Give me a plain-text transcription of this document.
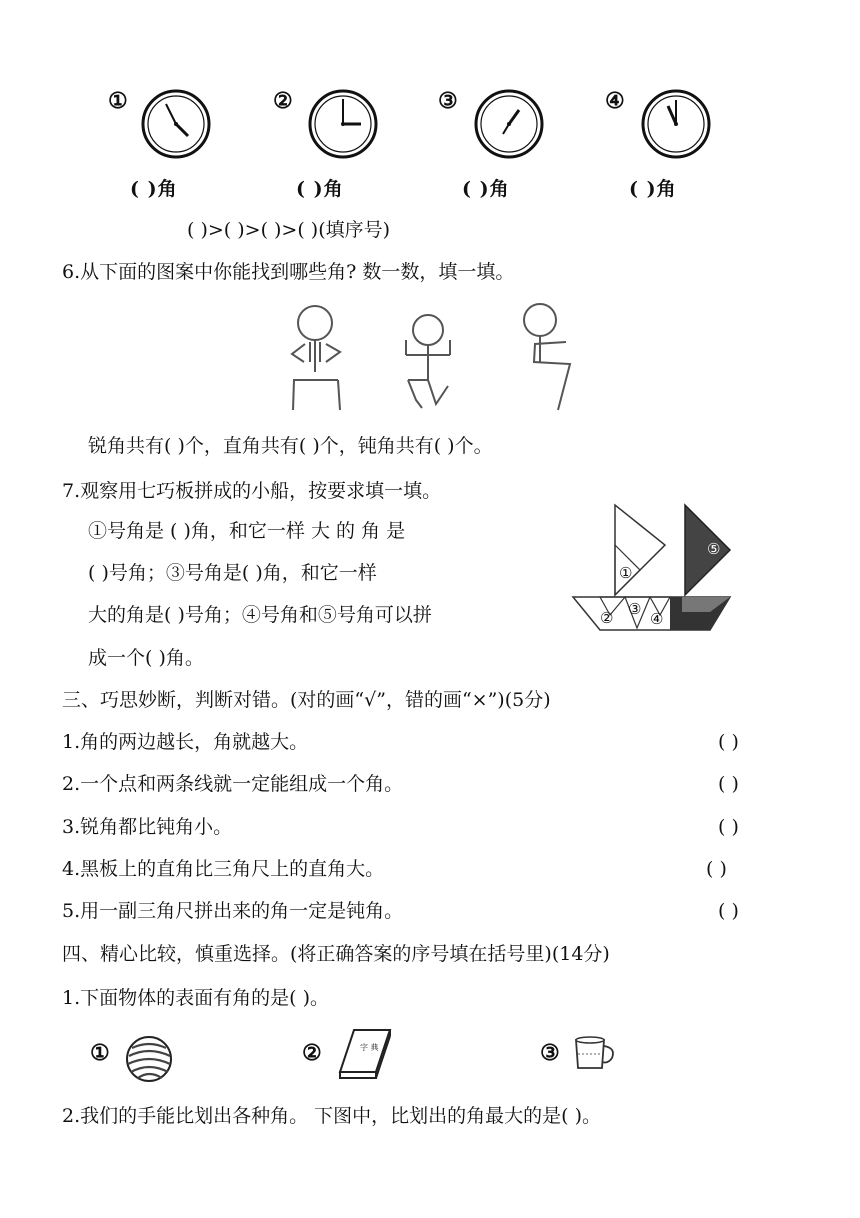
①	②	③	④
( )角	( )角	( )角	( )角
( )>( )>( )>( )(填序号)
6.从下面的图案中你能找到哪些角? 数一数，填一填。
锐角共有( )个，直角共有( )个，钝角共有( )个。
7.观察用七巧板拼成的小船，按要求填一填。
①号角是 ( )角，和它一样 大 的 角 是
( )号角；③号角是( )角，和它一样
大的角是( )号角；④号角和⑤号角可以拼
成一个( )角。
①
② ③
④
⑤
三、巧思妙断，判断对错。(对的画“√”，错的画“×”)(5分)
1.角的两边越长，角就越大。	( )
2.一个点和两条线就一定能组成一个角。	( )
3.锐角都比钝角小。	( )
4.黑板上的直角比三角尺上的直角大。	( )
5.用一副三角尺拼出来的角一定是钝角。	( )
四、精心比较，慎重选择。(将正确答案的序号填在括号里)(14分)
1.下面物体的表面有角的是( )。
①	②	字 典	③
2.我们的手能比划出各种角。 下图中，比划出的角最大的是( )。
